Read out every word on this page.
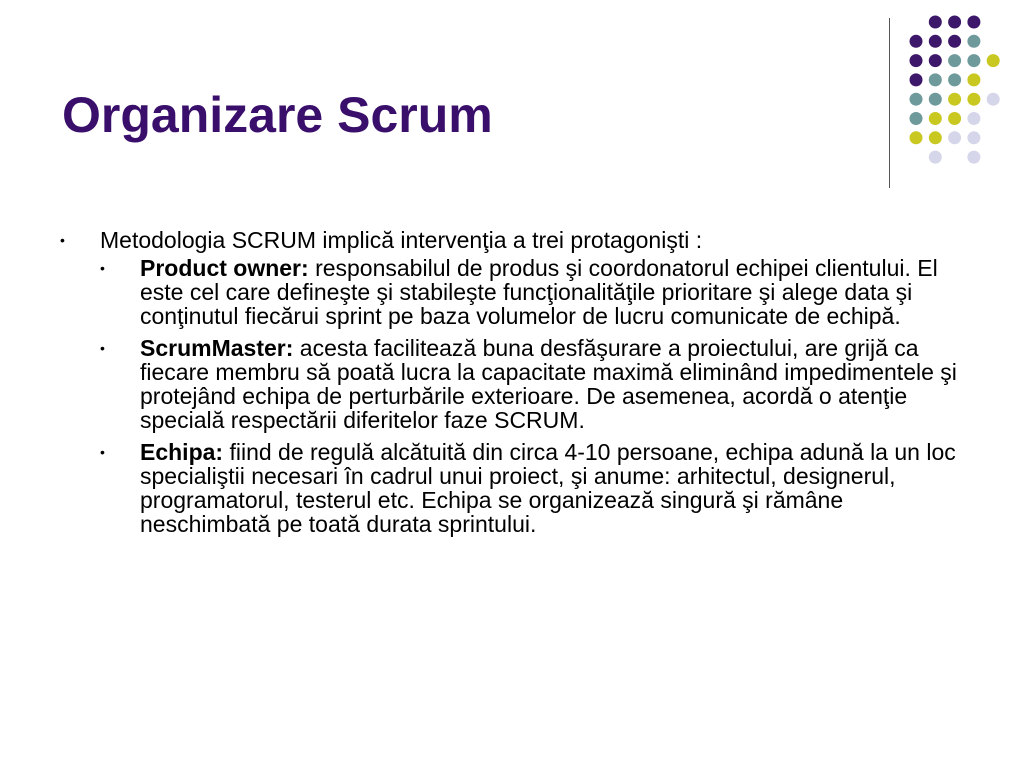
Organizare Scrum
• Metodologia SCRUM implică intervenţia a trei protagonişti :
• Product owner: responsabilul de produs şi coordonatorul echipei clientului. El este cel care defineşte şi stabileşte funcţionalităţile prioritare şi alege data şi conţinutul fiecărui sprint pe baza volumelor de lucru comunicate de echipă.
• ScrumMaster: acesta facilitează buna desfăşurare a proiectului, are grijă ca fiecare membru să poată lucra la capacitate maximă eliminând impedimentele şi protejând echipa de perturbările exterioare. De asemenea, acordă o atenţie specială respectării diferitelor faze SCRUM.
• Echipa: fiind de regulă alcătuită din circa 4-10 persoane, echipa adună la un loc specialiştii necesari în cadrul unui proiect, şi anume: arhitectul, designerul, programatorul, testerul etc. Echipa se organizează singură şi rămâne neschimbată pe toată durata sprintului.
